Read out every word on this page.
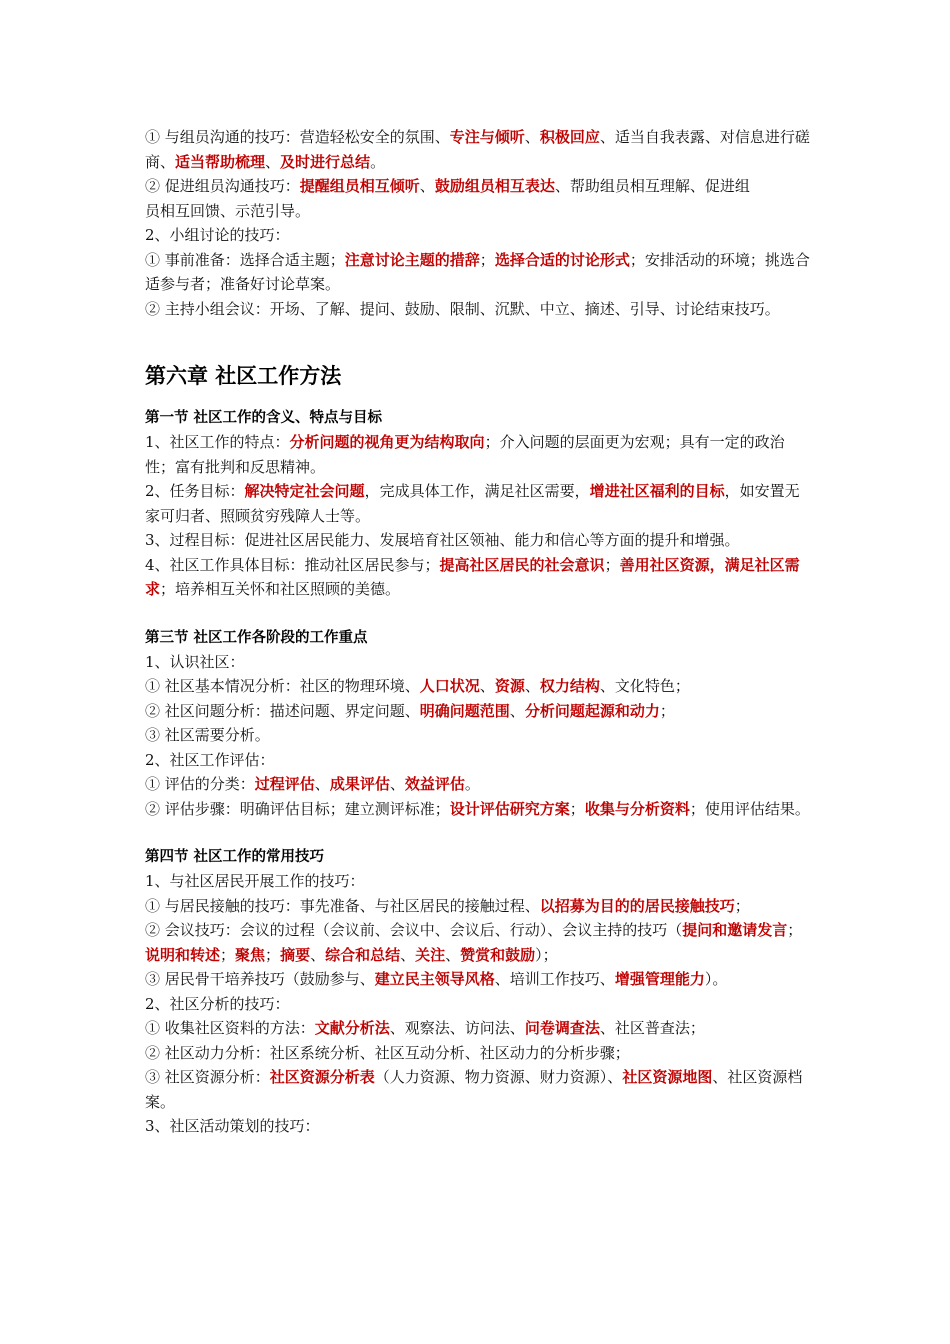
① 与组员沟通的技巧：营造轻松安全的氛围、专注与倾听、积极回应、适当自我表露、对信息进行磋商、适当帮助梳理、及时进行总结。

② 促进组员沟通技巧：提醒组员相互倾听、鼓励组员相互表达、帮助组员相互理解、促进组

员相互回馈、示范引导。

2、小组讨论的技巧：

① 事前准备：选择合适主题；注意讨论主题的措辞；选择合适的讨论形式；安排活动的环境；挑选合适参与者；准备好讨论草案。

② 主持小组会议：开场、了解、提问、鼓励、限制、沉默、中立、摘述、引导、讨论结束技巧。

第六章 社区工作方法
第一节 社区工作的含义、特点与目标

1、社区工作的特点：分析问题的视角更为结构取向；介入问题的层面更为宏观；具有一定的政治性；富有批判和反思精神。

2、任务目标：解决特定社会问题，完成具体工作，满足社区需要，增进社区福利的目标，如安置无家可归者、照顾贫穷残障人士等。

3、过程目标：促进社区居民能力、发展培育社区领袖、能力和信心等方面的提升和增强。

4、社区工作具体目标：推动社区居民参与；提高社区居民的社会意识；善用社区资源，满足社区需求；培养相互关怀和社区照顾的美德。

第三节 社区工作各阶段的工作重点

1、认识社区：

① 社区基本情况分析：社区的物理环境、人口状况、资源、权力结构、文化特色；

② 社区问题分析：描述问题、界定问题、明确问题范围、分析问题起源和动力；

③ 社区需要分析。

2、社区工作评估：

① 评估的分类：过程评估、成果评估、效益评估。

② 评估步骤：明确评估目标；建立测评标准；设计评估研究方案；收集与分析资料；使用评估结果。

第四节 社区工作的常用技巧

1、与社区居民开展工作的技巧：

① 与居民接触的技巧：事先准备、与社区居民的接触过程、以招募为目的的居民接触技巧；

② 会议技巧：会议的过程（会议前、会议中、会议后、行动）、会议主持的技巧（提问和邀请发言；说明和转述；聚焦；摘要、综合和总结、关注、赞赏和鼓励）；

③ 居民骨干培养技巧（鼓励参与、建立民主领导风格、培训工作技巧、增强管理能力）。

2、社区分析的技巧：

① 收集社区资料的方法：文献分析法、观察法、访问法、问卷调查法、社区普查法；

② 社区动力分析：社区系统分析、社区互动分析、社区动力的分析步骤；

③ 社区资源分析：社区资源分析表（人力资源、物力资源、财力资源）、社区资源地图、社区资源档案。

3、社区活动策划的技巧：
